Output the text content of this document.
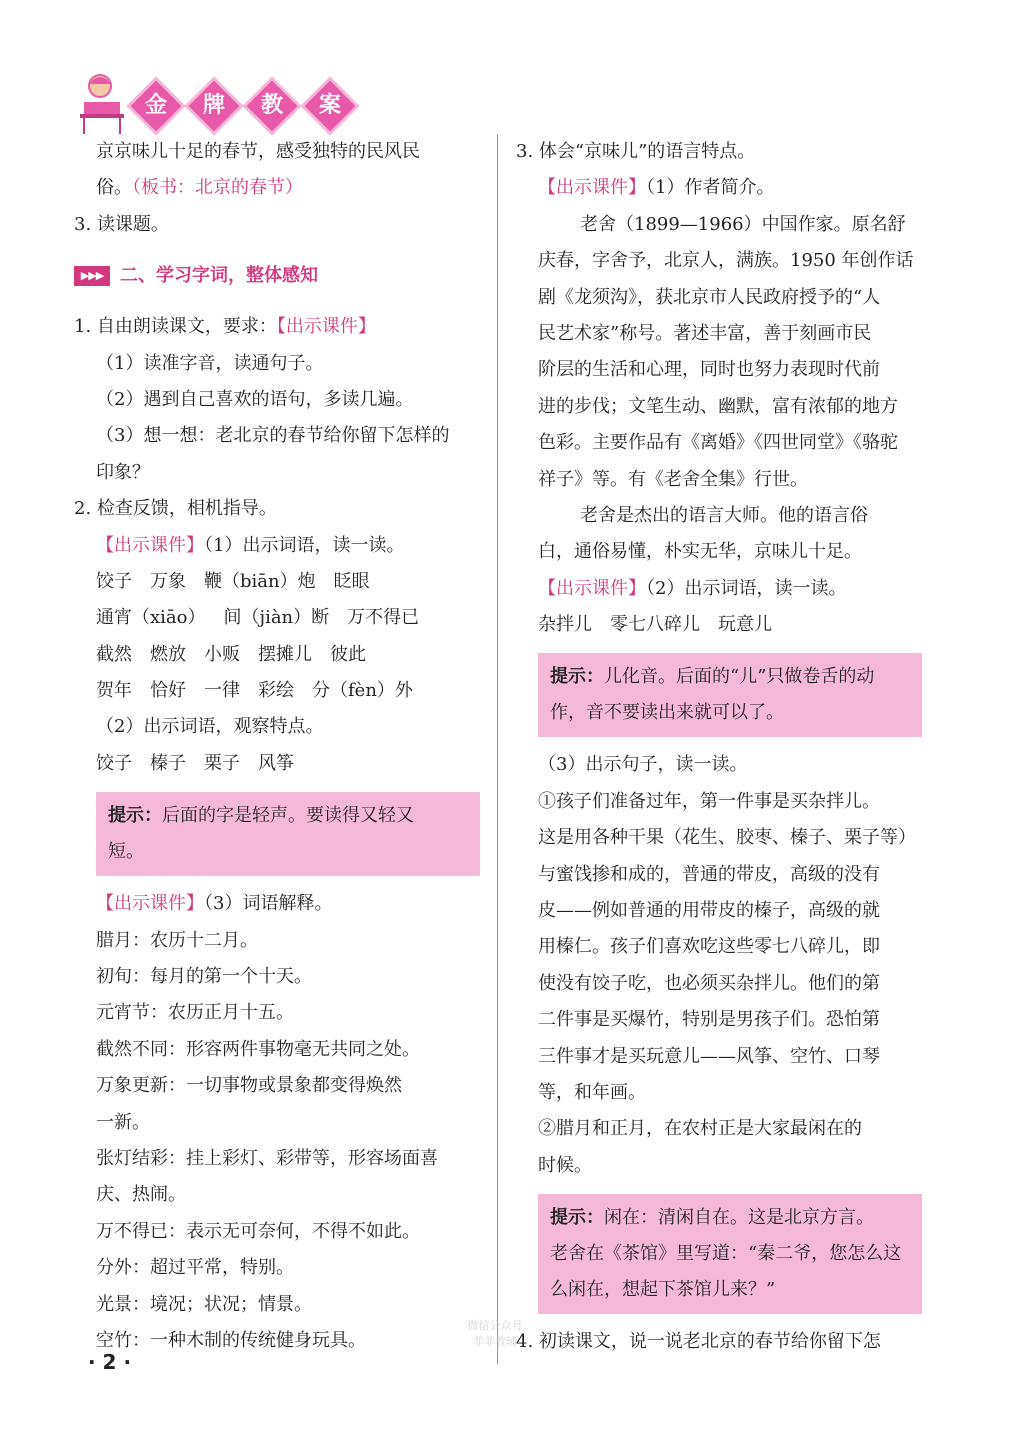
金	牌	教	案
京京味儿十足的春节，感受独特的民风民
俗。（板书：北京的春节）
3. 读课题。
▶▶▶ 二、学习字词，整体感知
1. 自由朗读课文，要求：【出示课件】
（1）读准字音，读通句子。
（2）遇到自己喜欢的语句，多读几遍。
（3）想一想：老北京的春节给你留下怎样的
印象？
2. 检查反馈，相机指导。
【出示课件】（1）出示词语，读一读。
饺子 万象 鞭（biān）炮 眨眼
通宵（xiāo） 间（jiàn）断 万不得已
截然 燃放 小贩 摆摊儿 彼此
贺年 恰好 一律 彩绘 分（fèn）外
（2）出示词语，观察特点。
饺子 榛子 栗子 风筝
提示：后面的字是轻声。要读得又轻又
短。
【出示课件】（3）词语解释。
腊月：农历十二月。
初旬：每月的第一个十天。
元宵节：农历正月十五。
截然不同：形容两件事物毫无共同之处。
万象更新：一切事物或景象都变得焕然
一新。
张灯结彩：挂上彩灯、彩带等，形容场面喜
庆、热闹。
万不得已：表示无可奈何，不得不如此。
分外：超过平常，特别。
光景：境况；状况；情景。
空竹：一种木制的传统健身玩具。
3. 体会“京味儿”的语言特点。
【出示课件】（1）作者简介。
老舍（1899—1966）中国作家。原名舒
庆春，字舍予，北京人，满族。1950 年创作话
剧《龙须沟》，获北京市人民政府授予的“人
民艺术家”称号。著述丰富，善于刻画市民
阶层的生活和心理，同时也努力表现时代前
进的步伐；文笔生动、幽默，富有浓郁的地方
色彩。主要作品有《离婚》《四世同堂》《骆驼
祥子》等。有《老舍全集》行世。
老舍是杰出的语言大师。他的语言俗
白，通俗易懂，朴实无华，京味儿十足。
【出示课件】（2）出示词语，读一读。
杂拌儿 零七八碎儿 玩意儿
提示：儿化音。后面的“儿”只做卷舌的动
作，音不要读出来就可以了。
（3）出示句子，读一读。
①孩子们准备过年，第一件事是买杂拌儿。
这是用各种干果（花生、胶枣、榛子、栗子等）
与蜜饯掺和成的，普通的带皮，高级的没有
皮——例如普通的用带皮的榛子，高级的就
用榛仁。孩子们喜欢吃这些零七八碎儿，即
使没有饺子吃，也必须买杂拌儿。他们的第
二件事是买爆竹，特别是男孩子们。恐怕第
三件事才是买玩意儿——风筝、空竹、口琴
等，和年画。
②腊月和正月，在农村正是大家最闲在的
时候。
提示：闲在：清闲自在。这是北京方言。
老舍在《茶馆》里写道：“秦二爷，您怎么这
么闲在，想起下茶馆儿来？”
4. 初读课文，说一说老北京的春节给你留下怎
· 2 ·
微信公众号
菲菲教辅
